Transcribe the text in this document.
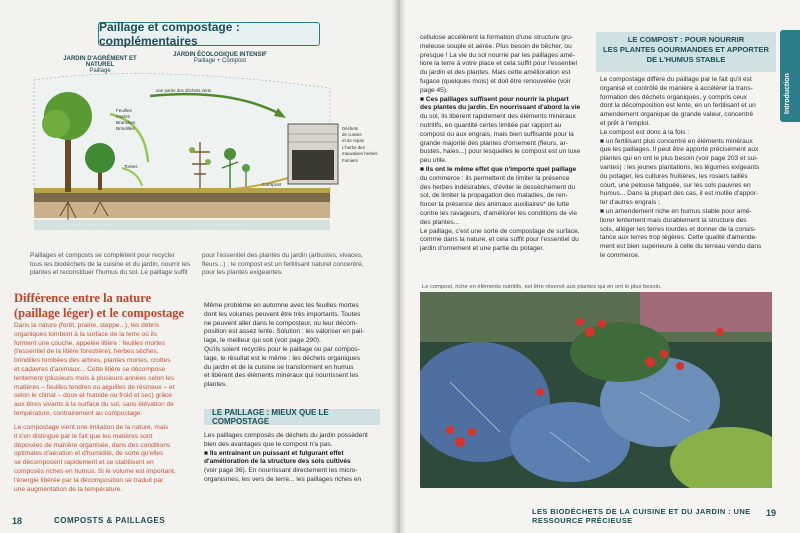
Paillage et compostage : complémentaires
JARDIN D'AGRÉMENT ET NATUREL
Paillage
JARDIN ÉCOLOGIQUE INTENSIF
Paillage + Compost
PLANTES PEU EXIGEANTES	PLANTES GOURMANDES
Feuilles
mortes
Branches
Brindilles
Tontes
une partie des déchets verts
Compost
Déchets
de cuisine
et de repas
L'herbe des
mauvaises herbes
Fumiers
Paillages et composts se complètent pour recycler
tous les biodéchets de la cuisine et du jardin, nourrir les
plantes et reconstituer l'humus du sol. Le paillage suffit
pour l'essentiel des plantes du jardin (arbustes, vivaces,
fleurs...) ; le compost est un fertilisant naturel concentré,
pour les plantes exigeantes.
Différence entre la nature
(paillage léger) et le compostage
Dans la nature (forêt, prairie, steppe...), les débris
organiques tombent à la surface de la terre où ils
forment une couche, appelée litière : feuilles mortes
(l'essentiel de la litière forestière), herbes sèches,
brindilles tombées des arbres, plantes mortes, crottes
et cadavres d'animaux... Cette litière se décompose
lentement (plusieurs mois à plusieurs années selon les
matières – feuilles tendres ou aiguilles de résineux – et
selon le climat – doux et humide ou froid et sec) grâce
aux êtres vivants à la surface du sol, sans élévation de
température, contrairement au compostage.
Le compostage vient une imitation de la nature, mais
il s'en distingue par le fait que les matières sont
déposées de manière organisée, dans des conditions
optimales d'aération et d'humidité, de sorte qu'elles
se décomposent rapidement et se stabilisent en
composés riches en humus. Si le volume est important,
l'énergie libérée par la décomposition se traduit par
une augmentation de la température.
Même problème en automne avec les feuilles mortes
dont les volumes peuvent être très importants. Toutes
ne peuvent aller dans le composteur, ou leur décom-
position est assez lente. Solution : les valoriser en pail-
lage, le meilleur qui soit (voir page 290).
Qu'ils soient recyclés pour le paillage ou par compos-
tage, le résultat est le même : les déchets organiques
du jardin et de la cuisine se transforment en humus
et libèrent des éléments minéraux qui nourrissent les
plantes.
LE PAILLAGE : MIEUX QUE LE COMPOSTAGE
Les paillages composés de déchets du jardin possèdent
bien des avantages que le compost n'a pas.
■ Ils entraînent un puissant et fulgurant effet
d'amélioration de la structure des sols cultivés
(voir page 36). En nourrissant directement les micro-
organismes, les vers de terre... les paillages riches en
18	COMPOSTS & PAILLAGES
cellulose accélèrent la formation d'une structure gru-
meleuse souple et aérée. Plus besoin de bêcher, ou
presque ! La vie du sol nourrie par les paillages amé-
liore la terre à votre place et cela suffit pour l'essentiel
du jardin et des plantes. Mais cette amélioration est
fugace (quelques mois) et doit être renouvelée (voir
page 45).
■ Ces paillages suffisent pour nourrir la plupart
des plantes du jardin. En nourrissant d'abord la vie
du sol, ils libèrent rapidement des éléments minéraux
nutritifs, en quantité certes limitée par rapport au
compost ou aux engrais, mais bien suffisante pour la
grande majorité des plantes d'ornement (fleurs, ar-
bustes, haies...) pour lesquelles le compost est un luxe
peu utile.
■ Ils ont le même effet que n'importe quel paillage
du commerce : ils permettent de limiter la présence
des herbes indésirables, d'éviter le dessèchement du
sol, de limiter la propagation des maladies, de ren-
forcer la présence des animaux auxiliaires* de lutte
contre les ravageurs, d'améliorer les conditions de vie
des plantes...
Le paillage, c'est une sorte de compostage de surface,
comme dans la nature, et cela suffit pour l'essentiel du
jardin d'ornement et une partie du potager.
Introduction
LE COMPOST : POUR NOURRIR
LES PLANTES GOURMANDES ET APPORTER
DE L'HUMUS STABLE
Le compostage diffère du paillage par le fait qu'il est
organisé et contrôlé de manière à accélérer la trans-
formation des déchets organiques, y compris ceux
dont la décomposition est lente, en un fertilisant et un
amendement organique de grande valeur, concentré
et prêt à l'emploi.
Le compost est donc à la fois :
■ un fertilisant plus concentré en éléments minéraux
que les paillages. Il peut être apporté précisément aux
plantes qui en ont le plus besoin (voir page 203 et sui-
vantes) : les jeunes plantations, les légumes exigeants
du potager, les cultures fruitières, les rosiers taillés
court, une pelouse fatiguée, sur les sols pauvres en
humus... Dans la plupart des cas, il est inutile d'appor-
ter d'autres engrais ;
■ un amendement riche en humus stable pour amé-
liorer lentement mais durablement la structure des
sols, alléger les terres lourdes et donner de la consis-
tance aux terres trop légères. Cette qualité d'amende-
ment est bien supérieure à celle du terreau vendu dans
le commerce.
Le compost, riche en éléments nutritifs, est être réservé aux plantes qui en ont le plus besoin.
LES BIODÉCHETS DE LA CUISINE ET DU JARDIN : UNE RESSOURCE PRÉCIEUSE
19
